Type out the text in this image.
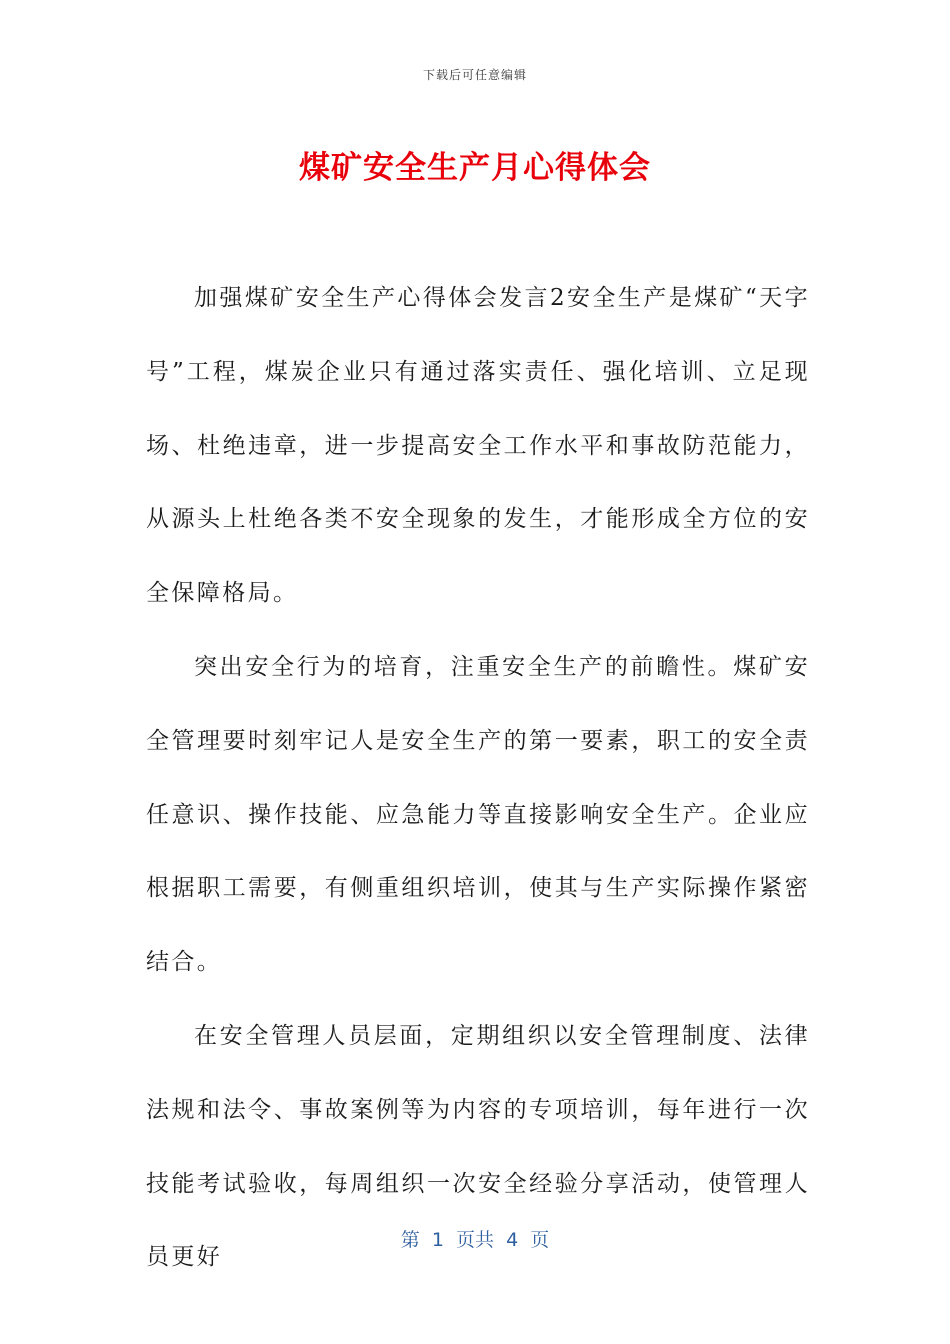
下载后可任意编辑
煤矿安全生产月心得体会

加强煤矿安全生产心得体会发言2安全生产是煤矿“天字号”工程，煤炭企业只有通过落实责任、强化培训、立足现场、杜绝违章，进一步提高安全工作水平和事故防范能力，从源头上杜绝各类不安全现象的发生，才能形成全方位的安全保障格局。

突出安全行为的培育，注重安全生产的前瞻性。煤矿安全管理要时刻牢记人是安全生产的第一要素，职工的安全责任意识、操作技能、应急能力等直接影响安全生产。企业应根据职工需要，有侧重组织培训，使其与生产实际操作紧密结合。

在安全管理人员层面，定期组织以安全管理制度、法律法规和法令、事故案例等为内容的专项培训，每年进行一次技能考试验收，每周组织一次安全经验分享活动，使管理人员更好

第  1  页共  4  页
